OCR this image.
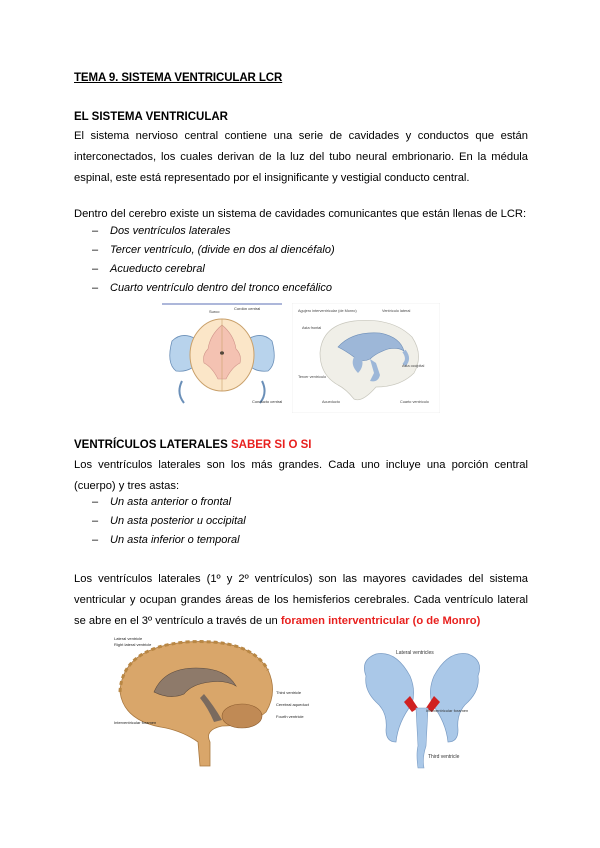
TEMA 9. SISTEMA VENTRICULAR LCR
EL SISTEMA VENTRICULAR

El sistema nervioso central contiene una serie de cavidades y conductos que están interconectados, los cuales derivan de la luz del tubo neural embrionario. En la médula espinal, este está representado por el insignificante y vestigial conducto central.

Dentro del cerebro existe un sistema de cavidades comunicantes que están llenas de LCR:

– Dos ventrículos laterales
– Tercer ventrículo, (divide en dos al diencéfalo)
– Acueducto cerebral
– Cuarto ventrículo dentro del tronco encefálico
Surco
Cordón central
Conducto central
Agujero interventricular (de Monro)	Ventrículo lateral
Asta frontal
Tercer ventrículo
Acueducto	Cuarto ventrículo
Asta occipital
VENTRÍCULOS LATERALES SABER SI O SI

Los ventrículos laterales son los más grandes. Cada uno incluye una porción central (cuerpo) y tres astas:

– Un asta anterior o frontal
– Un asta posterior u occipital
– Un asta inferior o temporal

Los ventrículos laterales (1º y 2º ventrículos) son las mayores cavidades del sistema ventricular y ocupan grandes áreas de los hemisferios cerebrales. Cada ventrículo lateral se abre en el 3º ventrículo a través de un foramen interventricular (o de Monro)

Lateral ventricle
Right lateral ventricle
Interventricular foramen
Third ventricle
Cerebral aqueduct
Fourth ventricle
Lateral ventricles
Interventricular foramen
Third ventricle
